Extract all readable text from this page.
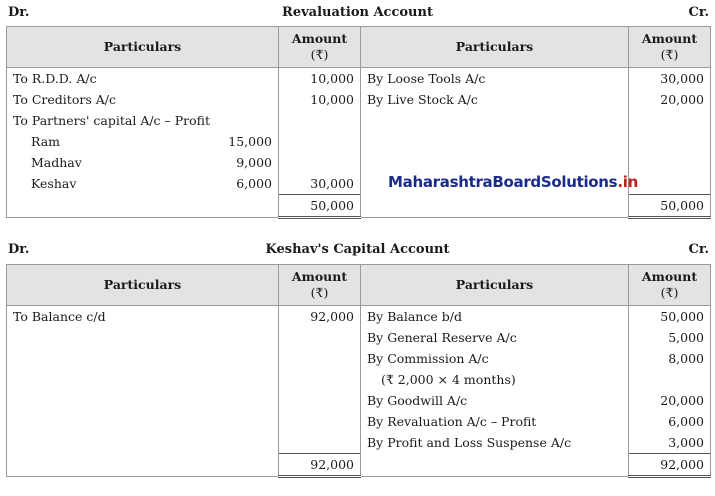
Dr.	Revaluation Account	Cr.
Particulars	Amount	Particulars	Amount
	(₹)		(₹)
To R.D.D. A/c	10,000	By Loose Tools A/c	30,000
To Creditors A/c	10,000	By Live Stock A/c	20,000
To Partners' capital A/c – Profit			

Ram 15,000			

Madhav 9,000			

Keshav 6,000	30,000		
	50,000		50,000
MaharashtraBoardSolutions.in
Dr.	Keshav's Capital Account	Cr.
Particulars	Amount	Particulars	Amount
	(₹)		(₹)
To Balance c/d	92,000	By Balance b/d	50,000
		By General Reserve A/c	5,000
		By Commission A/c	8,000
		(₹ 2,000 × 4 months)	
		By Goodwill A/c	20,000
		By Revaluation A/c – Profit	6,000
		By Profit and Loss Suspense A/c	3,000
	92,000		92,000
